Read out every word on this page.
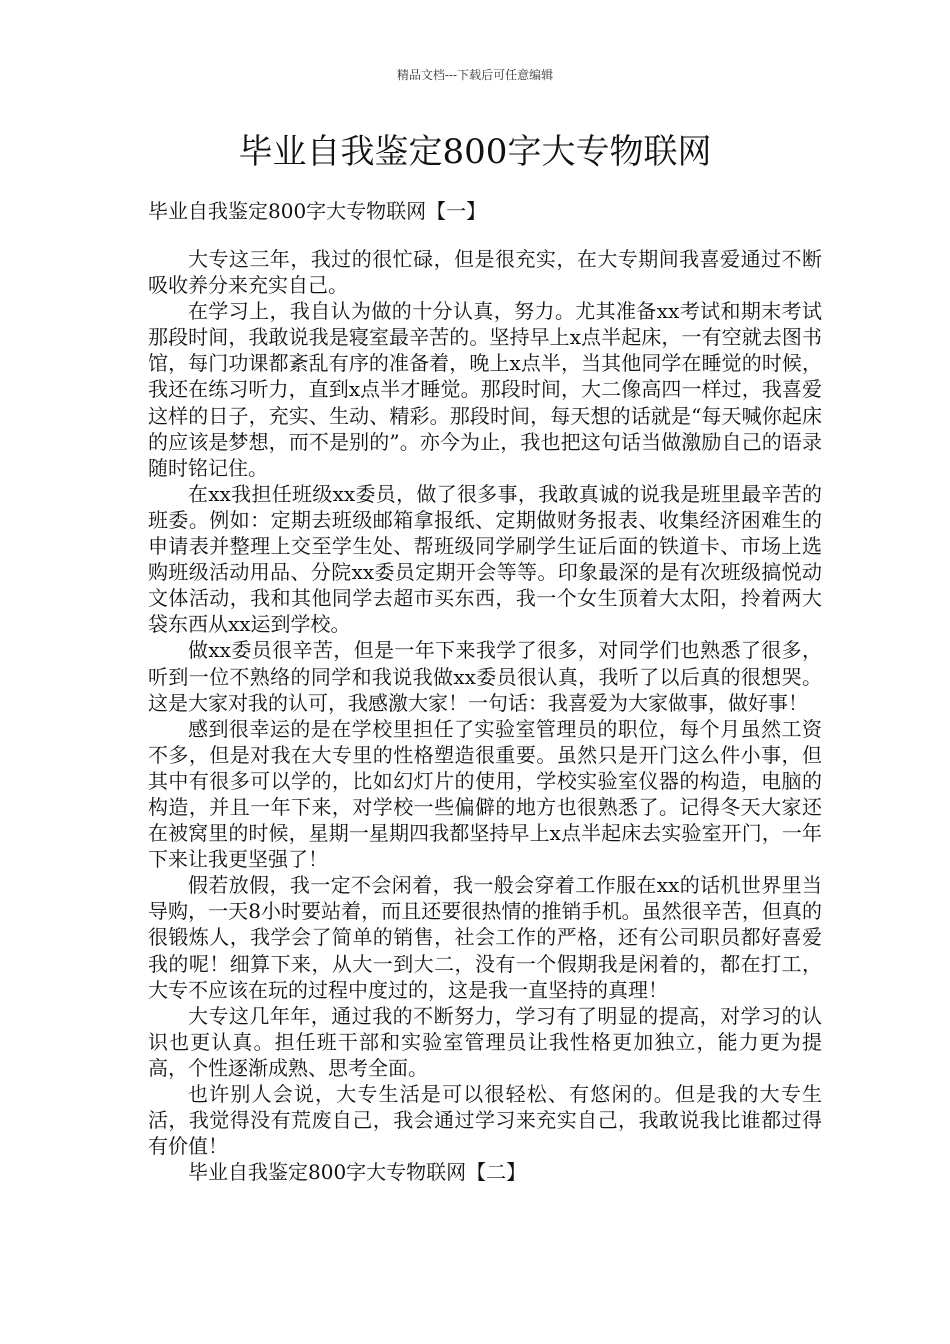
精品文档---下载后可任意编辑
毕业自我鉴定800字大专物联网
毕业自我鉴定800字大专物联网【一】

大专这三年，我过的很忙碌，但是很充实，在大专期间我喜爱通过不断吸收养分来充实自己。

在学习上，我自认为做的十分认真，努力。尤其准备xx考试和期末考试那段时间，我敢说我是寝室最辛苦的。坚持早上x点半起床，一有空就去图书馆，每门功课都紊乱有序的准备着，晚上x点半，当其他同学在睡觉的时候，我还在练习听力，直到x点半才睡觉。那段时间，大二像高四一样过，我喜爱这样的日子，充实、生动、精彩。那段时间，每天想的话就是“每天喊你起床的应该是梦想，而不是别的”。亦今为止，我也把这句话当做激励自己的语录随时铭记住。

在xx我担任班级xx委员，做了很多事，我敢真诚的说我是班里最辛苦的班委。例如：定期去班级邮箱拿报纸、定期做财务报表、收集经济困难生的申请表并整理上交至学生处、帮班级同学刷学生证后面的铁道卡、市场上选购班级活动用品、分院xx委员定期开会等等。印象最深的是有次班级搞悦动文体活动，我和其他同学去超市买东西，我一个女生顶着大太阳，拎着两大袋东西从xx运到学校。

做xx委员很辛苦，但是一年下来我学了很多，对同学们也熟悉了很多，听到一位不熟络的同学和我说我做xx委员很认真，我听了以后真的很想哭。这是大家对我的认可，我感激大家！一句话：我喜爱为大家做事，做好事！

感到很幸运的是在学校里担任了实验室管理员的职位，每个月虽然工资不多，但是对我在大专里的性格塑造很重要。虽然只是开门这么件小事，但其中有很多可以学的，比如幻灯片的使用，学校实验室仪器的构造，电脑的构造，并且一年下来，对学校一些偏僻的地方也很熟悉了。记得冬天大家还在被窝里的时候，星期一星期四我都坚持早上x点半起床去实验室开门，一年下来让我更坚强了！

假若放假，我一定不会闲着，我一般会穿着工作服在xx的话机世界里当导购，一天8小时要站着，而且还要很热情的推销手机。虽然很辛苦，但真的很锻炼人，我学会了简单的销售，社会工作的严格，还有公司职员都好喜爱我的呢！细算下来，从大一到大二，没有一个假期我是闲着的，都在打工，大专不应该在玩的过程中度过的，这是我一直坚持的真理！

大专这几年年，通过我的不断努力，学习有了明显的提高，对学习的认识也更认真。担任班干部和实验室管理员让我性格更加独立，能力更为提高，个性逐渐成熟、思考全面。

也许别人会说，大专生活是可以很轻松、有悠闲的。但是我的大专生活，我觉得没有荒废自己，我会通过学习来充实自己，我敢说我比谁都过得有价值！

毕业自我鉴定800字大专物联网【二】
